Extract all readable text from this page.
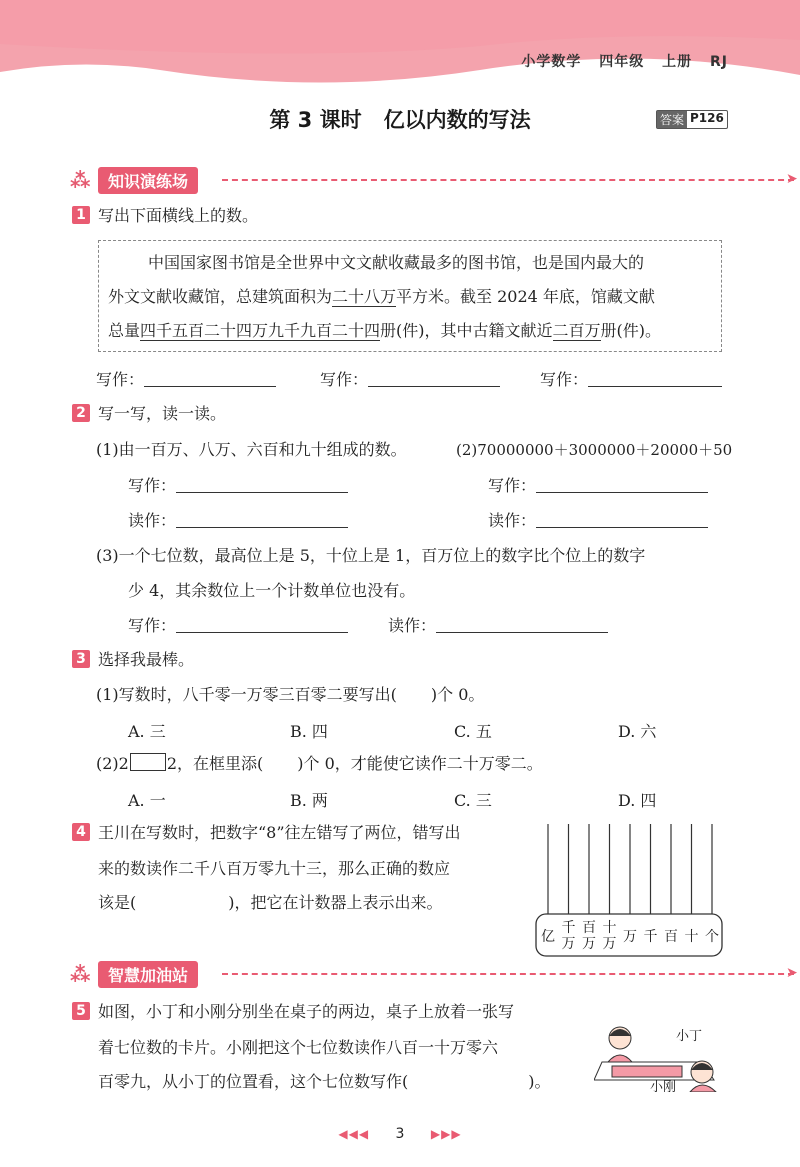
小学数学 四年级 上册 RJ
第 3 课时 亿以内数的写法	答案 P126
⁂	知识演练场	➤
1 写出下面横线上的数。
中国国家图书馆是全世界中文文献收藏最多的图书馆，也是国内最大的
外文文献收藏馆，总建筑面积为二十八万平方米。截至 2024 年底，馆藏文献
总量四千五百二十四万九千九百二十四册(件)，其中古籍文献近二百万册(件)。
写作：	写作：	写作：
2 写一写，读一读。
(1)由一百万、八万、六百和九十组成的数。	(2)70000000＋3000000＋20000＋50
写作：	写作：
读作：	读作：
(3)一个七位数，最高位上是 5，十位上是 1，百万位上的数字比个位上的数字
少 4，其余数位上一个计数单位也没有。
写作：	读作：
3 选择我最棒。
(1)写数时，八千零一万零三百零二要写出( )个 0。
A. 三	B. 四	C. 五	D. 六
(2)2 2，在框里添( )个 0，才能使它读作二十万零二。
A. 一	B. 两	C. 三	D. 四
4 王川在写数时，把数字“8”往左错写了两位，错写出
来的数读作二千八百万零九十三，那么正确的数应
该是(	)，把它在计数器上表示出来。
亿
千
万
百
万
十
万 万 千 百 十 个
⁂	智慧加油站	➤
5 如图，小丁和小刚分别坐在桌子的两边，桌子上放着一张写
着七位数的卡片。小刚把这个七位数读作八百一十万零六
百零九，从小丁的位置看，这个七位数写作(	)。
小丁
小刚
◀◀◀ 3 ▶▶▶
